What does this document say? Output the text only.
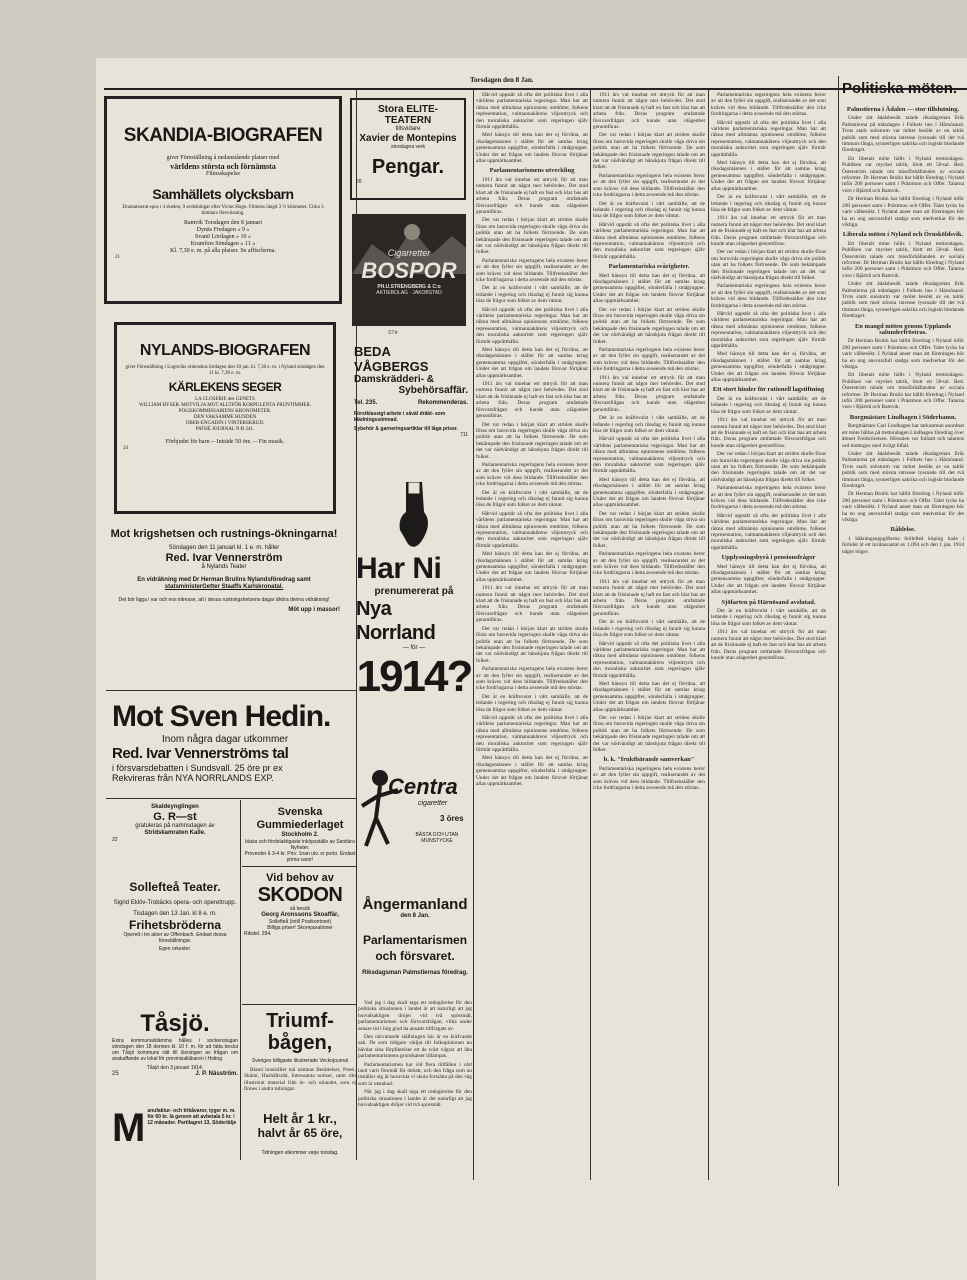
Torsdagen den 8 Jan.
SKANDIA-BIOGRAFEN
giver Föreställning å nedanstående platser med
världens största och förnämsta
Filmsskapelse
Samhällets olycksbarn
Dramatiserat epos i 4 skeden, 9 avdelningar efter Victor Hugo. Filmens längd 3 ½ kilometer. Cirka 3 timmars föreviisning.
Ramvik Torsdagen den 8 januari
Dynäs Fredagen » 9 »
Svanö Lördagen » 10 »
Kramfors Söndagen » 11 »
Kl. 7,30 e. m. på alla platser. Se affischerna.
21
NYLANDS-BIOGRAFEN
giver Föreställning i Lugnviks ordenshus lördagen den 10 jan. kl. 7,30 e. m. i Nyland söndagen den 11 kl. 7,30 e. m.
KÄRLEKENS SEGER
LA CLOSERIE des GENETS
WILLIAM HYSER. MOTVILJA MOT ALLTFÖR KORPULENTA FRUNTIMMER.
POLISKOMMISSARIENS KRONOMETER.
DEN VAKSAMME HUNDEN
OBER-ENGADIN I VINTERSKRUD.
PATHÉ JOURNAL N:R 241.
Förbjudet för barn -- Inträde 50 öre. -- Fin musik.
24
Mot krigshetsen och rustnings-ökningarna!
Söndagen den 11 januari kl. 1 e. m. håller
Red. Ivar Vennerström
å Nylands Teater
En vidräkning med Dr Herman Brulins Nylandsföredrag samt
statsministerGetter Staaffs Karlskronatal.
Det bör ligga i var och ens intresse, att i dessa rustningshetsens dagar ähöra denna vidräkning!
Möt upp i massor!
Mot Sven Hedin.
Inom några dagar utkommer
Red. Ivar Vennerströms tal
i försvarsdebatten i Sundsvall. 25 öre pr ex
Rekvireras från NYA NORRLANDS EXP.
Skaldeynglingen
G. R—st
gratuleras på namnsdagen av
Stridskamraten Kalle.
22
Sollefteå Teater.
Sigrid Eklöv-Trobäcks opera- och operettrupp.
Tisdagen den 13 Jan. kl 8 e. m.
Frihetsbröderna
Operett i tre akter av Offenbach. Endast dessa föreställningar.
Egen orkester.
Tåsjö.
Extra kommunalstämma hålles i sockenstugan söndagen den 18 dennes kl. 10 f. m. för att fatta beslut om Tåsjö kommuns rätt till lösningen av frågan om anskaffande av lokal för provinsialläkaren i Hoting.
Tåsjö den 3 januari 1914.
25	J. P. Näsström.
M anufaktur- och trikåvaror, tyger m. m. för 60 kr. lä genom att avbetala 5 kr. i 12 månader. Partilagret 13, Södertälje
Svenska Gummiederlaget
Stockholm 2.
bästa och fördelaktigaste inköpsställe av Sanitära Nyheter.
Proverder å 3-4 kr. Pris: 1nan utv. sr porto. Endast prima varor!
Vid behov av
SKODON
så besök
Georg Aronssons Skoaffär,
Sollefteå (intill Postkontoret)
Billiga priser! Skoreparationer
Rikstel. 294.
Triumf-bågen,
Sveriges billigaste illustrerade Veckojournal

Bland innehållet må nämnas Berättelser, Poesi, Skämt, Hushållsråd, Intressanta notiser, samt rikt illustrerat material från in- och utlandet, som ej finnes i andra tidningar.

Helt år 1 kr.,
halvt år 65 öre,
Tidningen utkommer varje torsdag.
Stora ELITE-TEATERN
tillsvidare
Xavier de Montepins
storslagna verk
Pengar.
20
Cigarretter
BOSPOR
PH.U.STRENGBERG & C:o
AKTIEBOLAG · JAKOBSTAD
579
BEDA VÅGBERGS
Damskrädderi- &
Sybehörsaffär.
Tel. 235.	Rekommenderas.
Förstklassigt arbete i såväl dräkt- som klädningssömnad.
Sybehör & garneringsartiklar till låga priser.
711
Har Ni
prenumererat på
Nya Norrland
— för —
1914?
Centra
cigaretter
3 öres
BÄSTA OCH UTAN MUNSTYCKE
Ångermanland
den 8 Jan.
Parlamentarismen och försvaret.
Riksdagsman Palmstiernas föredrag.

Vad jag i dag skall taga ett redogörelse för den politiska situationen i landet är att naturligt att jag huvudsakligen dröjer vid två spörsmål, parlamentarismen och försvarsfrågan, vilka under senare tid i hög grad ha ansatts tillfragats av.

Den närvarande ställningen här är en kräfvande sak. De som tidigare vädjat till folkopinionen nu hävdar sina förpliktelser ett de tvärt vägrar att låta parlamentarismens grundsatser tillämpas.

Parlamentarismen har vid flera tillfällen i vårt land varit föremål för debatt, och den fråga som nu inställer sig är huruvida vi skola fortsätta på den väg som är utstakad.

När jag i dag skall taga ett redogörelse för den politiska situationen i landet är det naturligt att jag huvudsakligen dröjer vid två spörsmål.

Hårvid uppstår så ofta det politiska livet i alla världens parlamentariska regeringar. Man har att räkna med allmänna opinionens omdöme, folkens representation, valmannakårens viljeuttryck och den moraliska auktoritet som regeringen själv förmår upprätthålla.

Med hänsyn till detta kan det ej förvåna, att riksdagsmännen i stället för att samlas kring gemensamma uppgifter, sönderfalla i smågrupper. Under det att frågan om landets försvar förtjänar allas uppmärksamhet.

Parlamentarismens utveckling

1911 års val innebar ett uttryck för att man numera funnit att något mer behövdes. Det stod klart att de frisinnade ej haft en fast och klar bas att arbeta från. Deras program omfattade försvarsfrågan och kunde utan olägenhet genomföras.

Det var redan i början klart att striden skulle föras om huruvida regeringen skulle våga driva sin politik utan att ha folkets förtroende. De som bekämpade den frisinnade regeringen talade om att det var nödvändigt att hänskjuta frågan direkt till folket.

Parlamentariska regeringens hela existens beror av att den fyller sin uppgift, realiserandet av det som kräves vid dess bildande. Tillfredsställer den icke fordringarna i detta avseende må den störtas.

Det är en kräftsvulst i vårt samhälle, att de ledande i regering och riksdag ej funnit sig kunna lösa de frågor som folket av dem väntar.

Hårvid uppstår så ofta det politiska livet i alla världens parlamentariska regeringar. Man har att räkna med allmänna opinionens omdöme, folkens representation, valmannakårens viljeuttryck och den moraliska auktoritet som regeringen själv förmår upprätthålla.

Med hänsyn till detta kan det ej förvåna, att riksdagsmännen i stället för att samlas kring gemensamma uppgifter, sönderfalla i smågrupper. Under det att frågan om landets försvar förtjänar allas uppmärksamhet.

1911 års val innebar ett uttryck för att man numera funnit att något mer behövdes. Det stod klart att de frisinnade ej haft en fast och klar bas att arbeta från. Deras program omfattade försvarsfrågan och kunde utan olägenhet genomföras.

Det var redan i början klart att striden skulle föras om huruvida regeringen skulle våga driva sin politik utan att ha folkets förtroende. De som bekämpade den frisinnade regeringen talade om att det var nödvändigt att hänskjuta frågan direkt till folket.

Parlamentariska regeringens hela existens beror av att den fyller sin uppgift, realiserandet av det som kräves vid dess bildande. Tillfredsställer den icke fordringarna i detta avseende må den störtas.

Det är en kräftsvulst i vårt samhälle, att de ledande i regering och riksdag ej funnit sig kunna lösa de frågor som folket av dem väntar.

Hårvid uppstår så ofta det politiska livet i alla världens parlamentariska regeringar. Man har att räkna med allmänna opinionens omdöme, folkens representation, valmannakårens viljeuttryck och den moraliska auktoritet som regeringen själv förmår upprätthålla.

Med hänsyn till detta kan det ej förvåna, att riksdagsmännen i stället för att samlas kring gemensamma uppgifter, sönderfalla i smågrupper. Under det att frågan om landets försvar förtjänar allas uppmärksamhet.

1911 års val innebar ett uttryck för att man numera funnit att något mer behövdes. Det stod klart att de frisinnade ej haft en fast och klar bas att arbeta från. Deras program omfattade försvarsfrågan och kunde utan olägenhet genomföras.

Det var redan i början klart att striden skulle föras om huruvida regeringen skulle våga driva sin politik utan att ha folkets förtroende. De som bekämpade den frisinnade regeringen talade om att det var nödvändigt att hänskjuta frågan direkt till folket.

Parlamentariska regeringens hela existens beror av att den fyller sin uppgift, realiserandet av det som kräves vid dess bildande. Tillfredsställer den icke fordringarna i detta avseende må den störtas.

Det är en kräftsvulst i vårt samhälle, att de ledande i regering och riksdag ej funnit sig kunna lösa de frågor som folket av dem väntar.

Hårvid uppstår så ofta det politiska livet i alla världens parlamentariska regeringar. Man har att räkna med allmänna opinionens omdöme, folkens representation, valmannakårens viljeuttryck och den moraliska auktoritet som regeringen själv förmår upprätthålla.

Med hänsyn till detta kan det ej förvåna, att riksdagsmännen i stället för att samlas kring gemensamma uppgifter, sönderfalla i smågrupper. Under det att frågan om landets försvar förtjänar allas uppmärksamhet.

1911 års val innebar ett uttryck för att man numera funnit att något mer behövdes. Det stod klart att de frisinnade ej haft en fast och klar bas att arbeta från. Deras program omfattade försvarsfrågan och kunde utan olägenhet genomföras.

Det var redan i början klart att striden skulle föras om huruvida regeringen skulle våga driva sin politik utan att ha folkets förtroende. De som bekämpade den frisinnade regeringen talade om att det var nödvändigt att hänskjuta frågan direkt till folket.

Parlamentariska regeringens hela existens beror av att den fyller sin uppgift, realiserandet av det som kräves vid dess bildande. Tillfredsställer den icke fordringarna i detta avseende må den störtas.

Det är en kräftsvulst i vårt samhälle, att de ledande i regering och riksdag ej funnit sig kunna lösa de frågor som folket av dem väntar.

Hårvid uppstår så ofta det politiska livet i alla världens parlamentariska regeringar. Man har att räkna med allmänna opinionens omdöme, folkens representation, valmannakårens viljeuttryck och den moraliska auktoritet som regeringen själv förmår upprätthålla.

Parlamentariska svårigheter.

Med hänsyn till detta kan det ej förvåna, att riksdagsmännen i stället för att samlas kring gemensamma uppgifter, sönderfalla i smågrupper. Under det att frågan om landets försvar förtjänar allas uppmärksamhet.

Det var redan i början klart att striden skulle föras om huruvida regeringen skulle våga driva sin politik utan att ha folkets förtroende. De som bekämpade den frisinnade regeringen talade om att det var nödvändigt att hänskjuta frågan direkt till folket.

Parlamentariska regeringens hela existens beror av att den fyller sin uppgift, realiserandet av det som kräves vid dess bildande. Tillfredsställer den icke fordringarna i detta avseende må den störtas.

1911 års val innebar ett uttryck för att man numera funnit att något mer behövdes. Det stod klart att de frisinnade ej haft en fast och klar bas att arbeta från. Deras program omfattade försvarsfrågan och kunde utan olägenhet genomföras.

Det är en kräftsvulst i vårt samhälle, att de ledande i regering och riksdag ej funnit sig kunna lösa de frågor som folket av dem väntar.

Hårvid uppstår så ofta det politiska livet i alla världens parlamentariska regeringar. Man har att räkna med allmänna opinionens omdöme, folkens representation, valmannakårens viljeuttryck och den moraliska auktoritet som regeringen själv förmår upprätthålla.

Med hänsyn till detta kan det ej förvåna, att riksdagsmännen i stället för att samlas kring gemensamma uppgifter, sönderfalla i smågrupper. Under det att frågan om landets försvar förtjänar allas uppmärksamhet.

Det var redan i början klart att striden skulle föras om huruvida regeringen skulle våga driva sin politik utan att ha folkets förtroende. De som bekämpade den frisinnade regeringen talade om att det var nödvändigt att hänskjuta frågan direkt till folket.

Parlamentariska regeringens hela existens beror av att den fyller sin uppgift, realiserandet av det som kräves vid dess bildande. Tillfredsställer den icke fordringarna i detta avseende må den störtas.

1911 års val innebar ett uttryck för att man numera funnit att något mer behövdes. Det stod klart att de frisinnade ej haft en fast och klar bas att arbeta från. Deras program omfattade försvarsfrågan och kunde utan olägenhet genomföras.

Det är en kräftsvulst i vårt samhälle, att de ledande i regering och riksdag ej funnit sig kunna lösa de frågor som folket av dem väntar.

Hårvid uppstår så ofta det politiska livet i alla världens parlamentariska regeringar. Man har att räkna med allmänna opinionens omdöme, folkens representation, valmannakårens viljeuttryck och den moraliska auktoritet som regeringen själv förmår upprätthålla.

Med hänsyn till detta kan det ej förvåna, att riksdagsmännen i stället för att samlas kring gemensamma uppgifter, sönderfalla i smågrupper. Under det att frågan om landets försvar förtjänar allas uppmärksamhet.

Det var redan i början klart att striden skulle föras om huruvida regeringen skulle våga driva sin politik utan att ha folkets förtroende. De som bekämpade den frisinnade regeringen talade om att det var nödvändigt att hänskjuta frågan direkt till folket.

b. k. "fruktbärande samverkan"

Parlamentariska regeringens hela existens beror av att den fyller sin uppgift, realiserandet av det som kräves vid dess bildande. Tillfredsställer den icke fordringarna i detta avseende må den störtas.

Parlamentariska regeringens hela existens beror av att den fyller sin uppgift, realiserandet av det som kräves vid dess bildande. Tillfredsställer den icke fordringarna i detta avseende må den störtas.

Hårvid uppstår så ofta det politiska livet i alla världens parlamentariska regeringar. Man har att räkna med allmänna opinionens omdöme, folkens representation, valmannakårens viljeuttryck och den moraliska auktoritet som regeringen själv förmår upprätthålla.

Med hänsyn till detta kan det ej förvåna, att riksdagsmännen i stället för att samlas kring gemensamma uppgifter, sönderfalla i smågrupper. Under det att frågan om landets försvar förtjänar allas uppmärksamhet.

Det är en kräftsvulst i vårt samhälle, att de ledande i regering och riksdag ej funnit sig kunna lösa de frågor som folket av dem väntar.

1911 års val innebar ett uttryck för att man numera funnit att något mer behövdes. Det stod klart att de frisinnade ej haft en fast och klar bas att arbeta från. Deras program omfattade försvarsfrågan och kunde utan olägenhet genomföras.

Det var redan i början klart att striden skulle föras om huruvida regeringen skulle våga driva sin politik utan att ha folkets förtroende. De som bekämpade den frisinnade regeringen talade om att det var nödvändigt att hänskjuta frågan direkt till folket.

Parlamentariska regeringens hela existens beror av att den fyller sin uppgift, realiserandet av det som kräves vid dess bildande. Tillfredsställer den icke fordringarna i detta avseende må den störtas.

Hårvid uppstår så ofta det politiska livet i alla världens parlamentariska regeringar. Man har att räkna med allmänna opinionens omdöme, folkens representation, valmannakårens viljeuttryck och den moraliska auktoritet som regeringen själv förmår upprätthålla.

Med hänsyn till detta kan det ej förvåna, att riksdagsmännen i stället för att samlas kring gemensamma uppgifter, sönderfalla i smågrupper. Under det att frågan om landets försvar förtjänar allas uppmärksamhet.

Ett stort hinder för rationell lagstiftning

Det är en kräftsvulst i vårt samhälle, att de ledande i regering och riksdag ej funnit sig kunna lösa de frågor som folket av dem väntar.

1911 års val innebar ett uttryck för att man numera funnit att något mer behövdes. Det stod klart att de frisinnade ej haft en fast och klar bas att arbeta från. Deras program omfattade försvarsfrågan och kunde utan olägenhet genomföras.

Det var redan i början klart att striden skulle föras om huruvida regeringen skulle våga driva sin politik utan att ha folkets förtroende. De som bekämpade den frisinnade regeringen talade om att det var nödvändigt att hänskjuta frågan direkt till folket.

Parlamentariska regeringens hela existens beror av att den fyller sin uppgift, realiserandet av det som kräves vid dess bildande. Tillfredsställer den icke fordringarna i detta avseende må den störtas.

Hårvid uppstår så ofta det politiska livet i alla världens parlamentariska regeringar. Man har att räkna med allmänna opinionens omdöme, folkens representation, valmannakårens viljeuttryck och den moraliska auktoritet som regeringen själv förmår upprätthålla.

Upplysningsbyrå i pensionsfrågor

Med hänsyn till detta kan det ej förvåna, att riksdagsmännen i stället för att samlas kring gemensamma uppgifter, sönderfalla i smågrupper. Under det att frågan om landets försvar förtjänar allas uppmärksamhet.

Sjöfarten på Härnösand avslutad.

Det är en kräftsvulst i vårt samhälle, att de ledande i regering och riksdag ej funnit sig kunna lösa de frågor som folket av dem väntar.

1911 års val innebar ett uttryck för att man numera funnit att något mer behövdes. Det stod klart att de frisinnade ej haft en fast och klar bas att arbeta från. Deras program omfattade försvarsfrågan och kunde utan olägenhet genomföras.

Politiska möten.
Palmstierna i Ådalen — stor tillslutning.

Under sitt ådalsbesök talade riksdagsman Erik Palmstierna på måndagen i Folkets hus i Härnösand. Trots stark snöstorm var mötet besökt av en talrik publik som med största intresse lyssnade till det två timmars långa, synnerligen sakrika och logiskt bindande föredraget.

Ett liberalt möte hölls i Nyland trettondagen. Publiken var mycket talrik, blott ett 50-tal. Red. Österström talade om missförhållanden av sociala reformer. Dr Herman Brulin har hållit föredrag i Nyland inför 200 personer samt i Prästmon och Offer. Talarna voro i Bjärtrå och Ramvik.

Dr Herman Brulin har hållit föredrag i Nyland inför 200 personer samt i Prästmon och Offer. Talet tycks ha varit välbesökt. I Nyland anser man att föreningen bör ha en ung ansvarsfull stadga som medverkar för det viktiga.

Liberala möten i Nyland och Örnsköldsvik.

Ett liberalt möte hölls i Nyland trettondagen. Publiken var mycket talrik, blott ett 50-tal. Red. Österström talade om missförhållanden av sociala reformer. Dr Herman Brulin har hållit föredrag i Nyland inför 200 personer samt i Prästmon och Offer. Talarna voro i Bjärtrå och Ramvik.

Under sitt ådalsbesök talade riksdagsman Erik Palmstierna på måndagen i Folkets hus i Härnösand. Trots stark snöstorm var mötet besökt av en talrik publik som med största intresse lyssnade till det två timmars långa, synnerligen sakrika och logiskt bindande föredraget.

En mangd möten genom Upplands salunderfröstras.

Dr Herman Brulin har hållit föredrag i Nyland inför 200 personer samt i Prästmon och Offer. Talet tycks ha varit välbesökt. I Nyland anser man att föreningen bör ha en ung ansvarsfull stadga som medverkar för det viktiga.

Ett liberalt möte hölls i Nyland trettondagen. Publiken var mycket talrik, blott ett 50-tal. Red. Österström talade om missförhållanden av sociala reformer. Dr Herman Brulin har hållit föredrag i Nyland inför 200 personer samt i Prästmon och Offer. Talarna voro i Bjärtrå och Ramvik.

Borgmästare Lindhagen i Söderhamn.

Borgmästare Carl Lindhagen har tarkonmun anordnat ett möte hållas på trettondagen Lindhagen föredrag över ämnet Fredsrörelsen. Hörsalen var fullsatt och talarens ord mottogos med livligt bifall.

Under sitt ådalsbesök talade riksdagsman Erik Palmstierna på måndagen i Folkets hus i Härnösand. Trots stark snöstorm var mötet besökt av en talrik publik som med största intresse lyssnade till det två timmars långa, synnerligen sakrika och logiskt bindande föredraget.

Dr Herman Brulin har hållit föredrag i Nyland inför 200 personer samt i Prästmon och Offer. Talet tycks ha varit välbesökt. I Nyland anser man att föreningen bör ha en ung ansvarsfull stadga som medverkar för det viktiga.

Råhlelse.

1 bäkningsuppgifterna Sollefteå köping hade i förlidet år ett invånarantal av 1.094 och den 1 jan. 1914 något högre.
